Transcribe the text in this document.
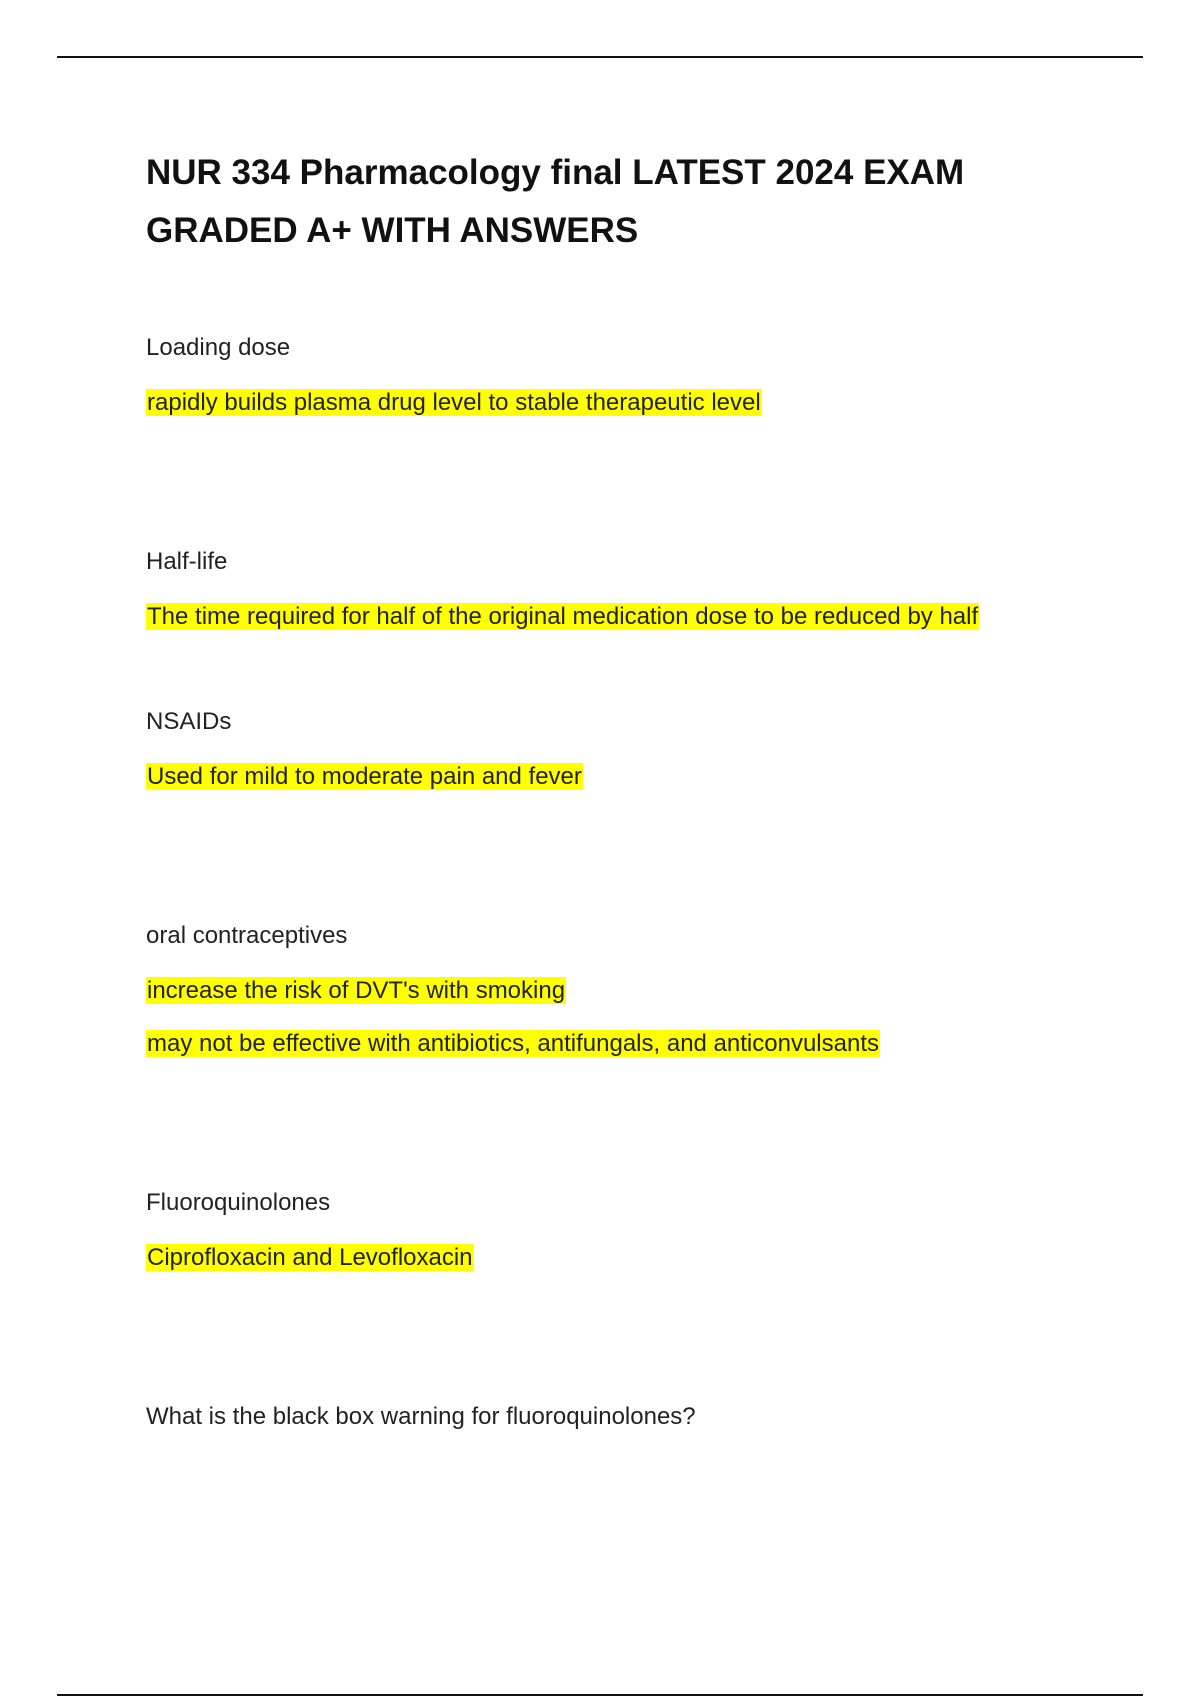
NUR 334 Pharmacology final LATEST 2024 EXAM GRADED A+ WITH ANSWERS

Loading dose

rapidly builds plasma drug level to stable therapeutic level

Half-life

The time required for half of the original medication dose to be reduced by half

NSAIDs

Used for mild to moderate pain and fever

oral contraceptives

increase the risk of DVT's with smoking

may not be effective with antibiotics, antifungals, and anticonvulsants

Fluoroquinolones

Ciprofloxacin and Levofloxacin

What is the black box warning for fluoroquinolones?
